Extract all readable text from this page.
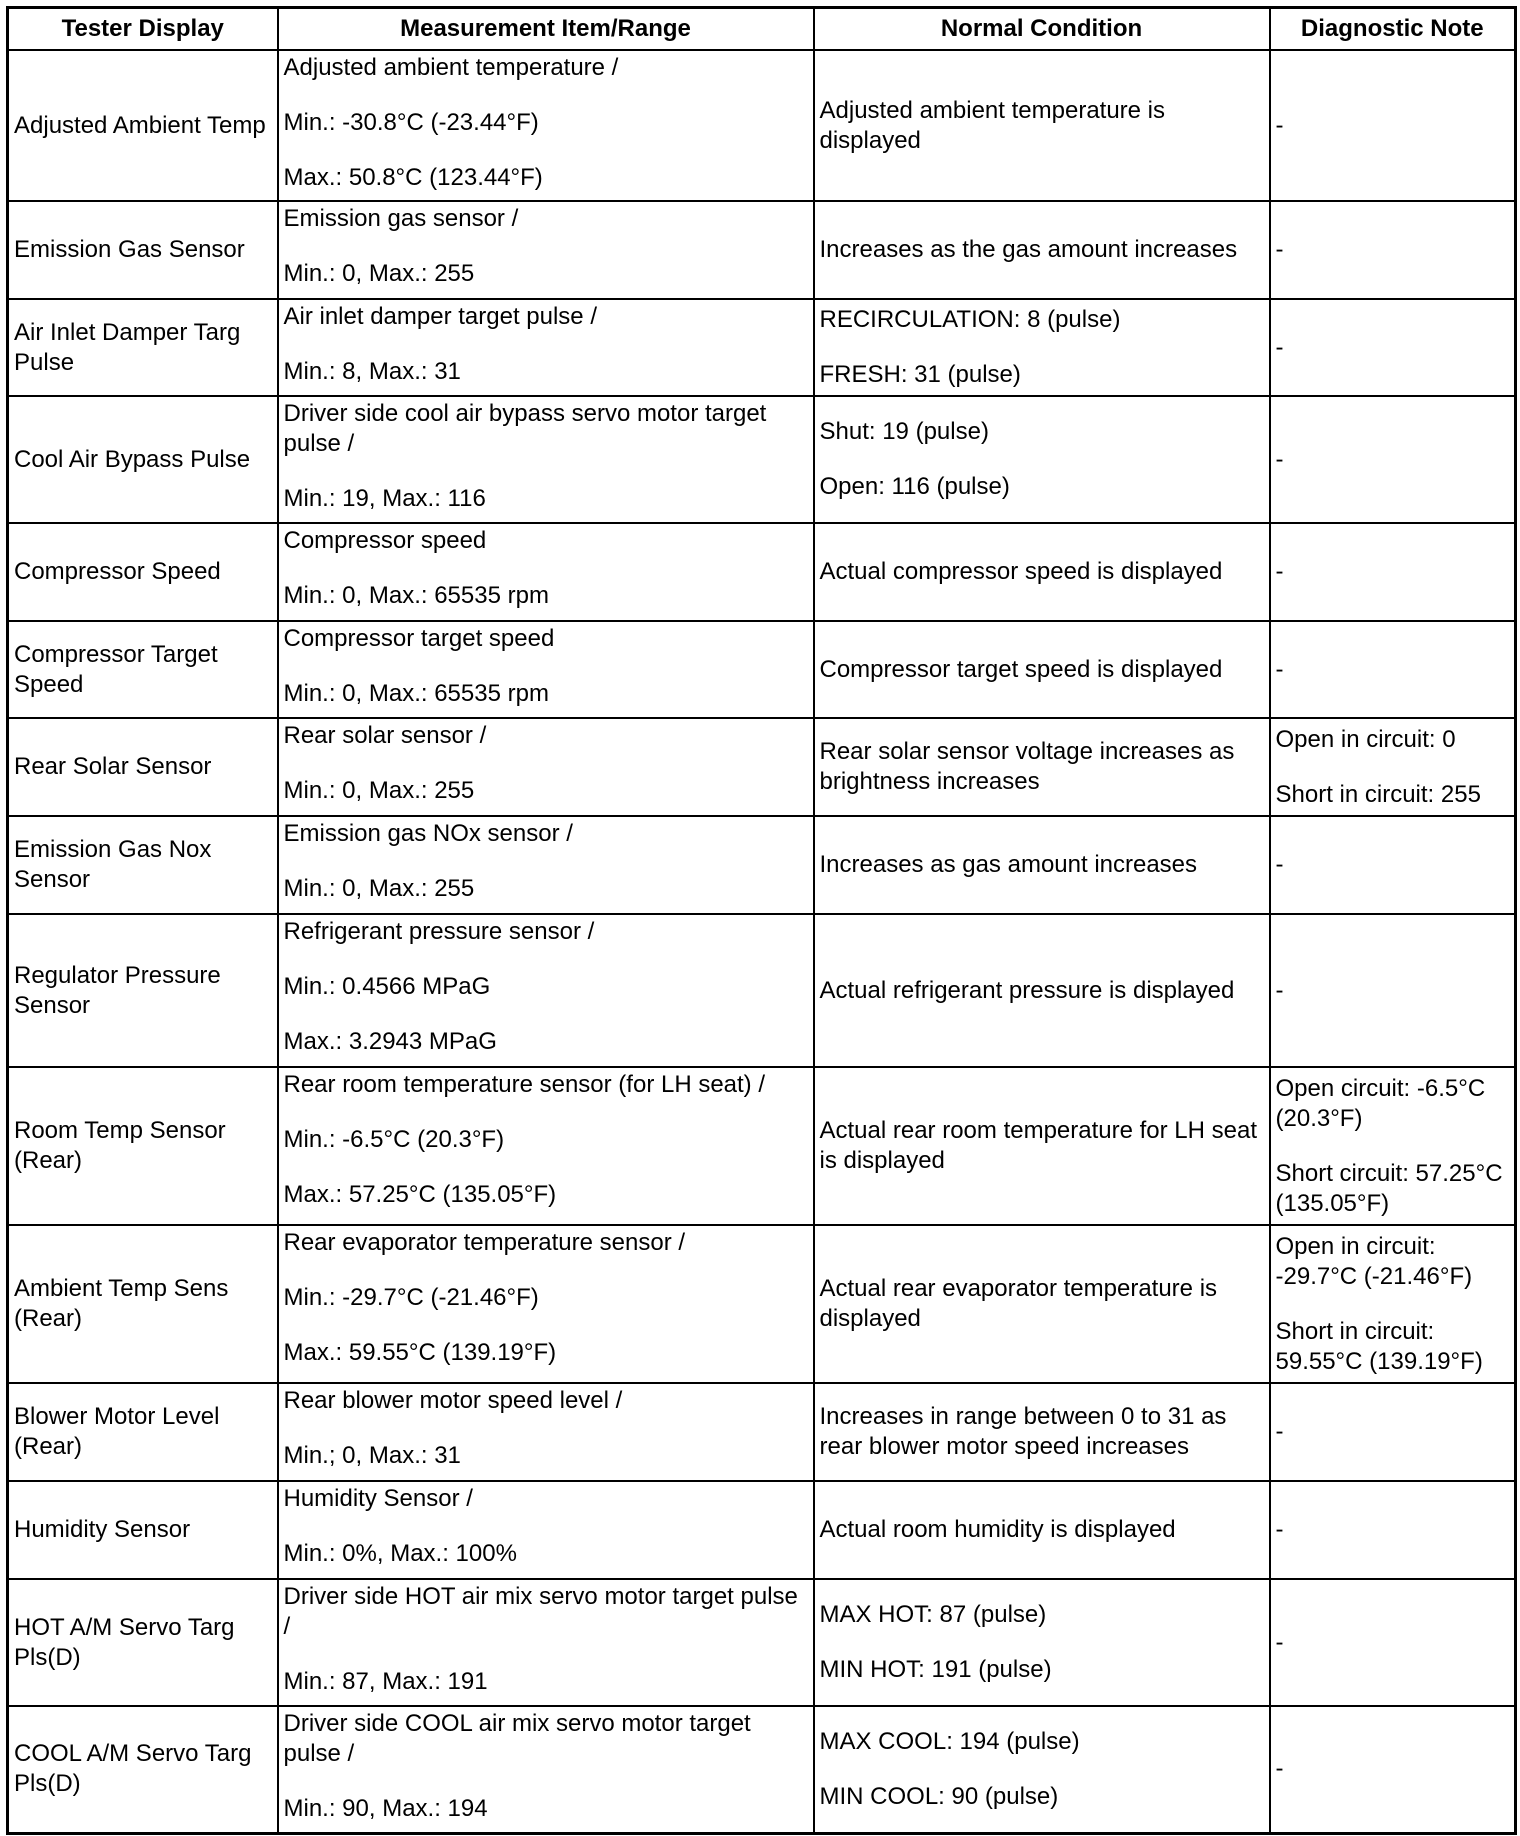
Tester Display	Measurement Item/Range	Normal Condition	Diagnostic Note
Adjusted Ambient Temp	Adjusted ambient temperature /
Min.: -30.8°C (-23.44°F)
Max.: 50.8°C (123.44°F)	Adjusted ambient temperature is displayed	-

Emission Gas Sensor	Emission gas sensor /
Min.: 0, Max.: 255	Increases as the gas amount increases	-

Air Inlet Damper Targ Pulse	Air inlet damper target pulse /
Min.: 8, Max.: 31	RECIRCULATION: 8 (pulse)
FRESH: 31 (pulse)	-

Cool Air Bypass Pulse	Driver side cool air bypass servo motor target pulse /
Min.: 19, Max.: 116	Shut: 19 (pulse)
Open: 116 (pulse)	-

Compressor Speed	Compressor speed
Min.: 0, Max.: 65535 rpm	Actual compressor speed is displayed	-

Compressor Target Speed	Compressor target speed
Min.: 0, Max.: 65535 rpm	Compressor target speed is displayed	-

Rear Solar Sensor	Rear solar sensor /
Min.: 0, Max.: 255	Rear solar sensor voltage increases as brightness increases	Open in circuit: 0
Short in circuit: 255

Emission Gas Nox Sensor	Emission gas NOx sensor /
Min.: 0, Max.: 255	Increases as gas amount increases	-

Regulator Pressure Sensor	Refrigerant pressure sensor /
Min.: 0.4566 MPaG
Max.: 3.2943 MPaG	Actual refrigerant pressure is displayed	-

Room Temp Sensor (Rear)	Rear room temperature sensor (for LH seat) /
Min.: -6.5°C (20.3°F)
Max.: 57.25°C (135.05°F)	Actual rear room temperature for LH seat is displayed	Open circuit: -6.5°C (20.3°F)
Short circuit: 57.25°C (135.05°F)

Ambient Temp Sens (Rear)	Rear evaporator temperature sensor /
Min.: -29.7°C (-21.46°F)
Max.: 59.55°C (139.19°F)	Actual rear evaporator temperature is displayed	Open in circuit: -29.7°C (-21.46°F)
Short in circuit: 59.55°C (139.19°F)

Blower Motor Level (Rear)	Rear blower motor speed level /
Min.; 0, Max.: 31	Increases in range between 0 to 31 as rear blower motor speed increases	-

Humidity Sensor	Humidity Sensor /
Min.: 0%, Max.: 100%	Actual room humidity is displayed	-

HOT A/M Servo Targ Pls(D)	Driver side HOT air mix servo motor target pulse /
Min.: 87, Max.: 191	MAX HOT: 87 (pulse)
MIN HOT: 191 (pulse)	-

COOL A/M Servo Targ Pls(D)	Driver side COOL air mix servo motor target pulse /
Min.: 90, Max.: 194	MAX COOL: 194 (pulse)
MIN COOL: 90 (pulse)	-
